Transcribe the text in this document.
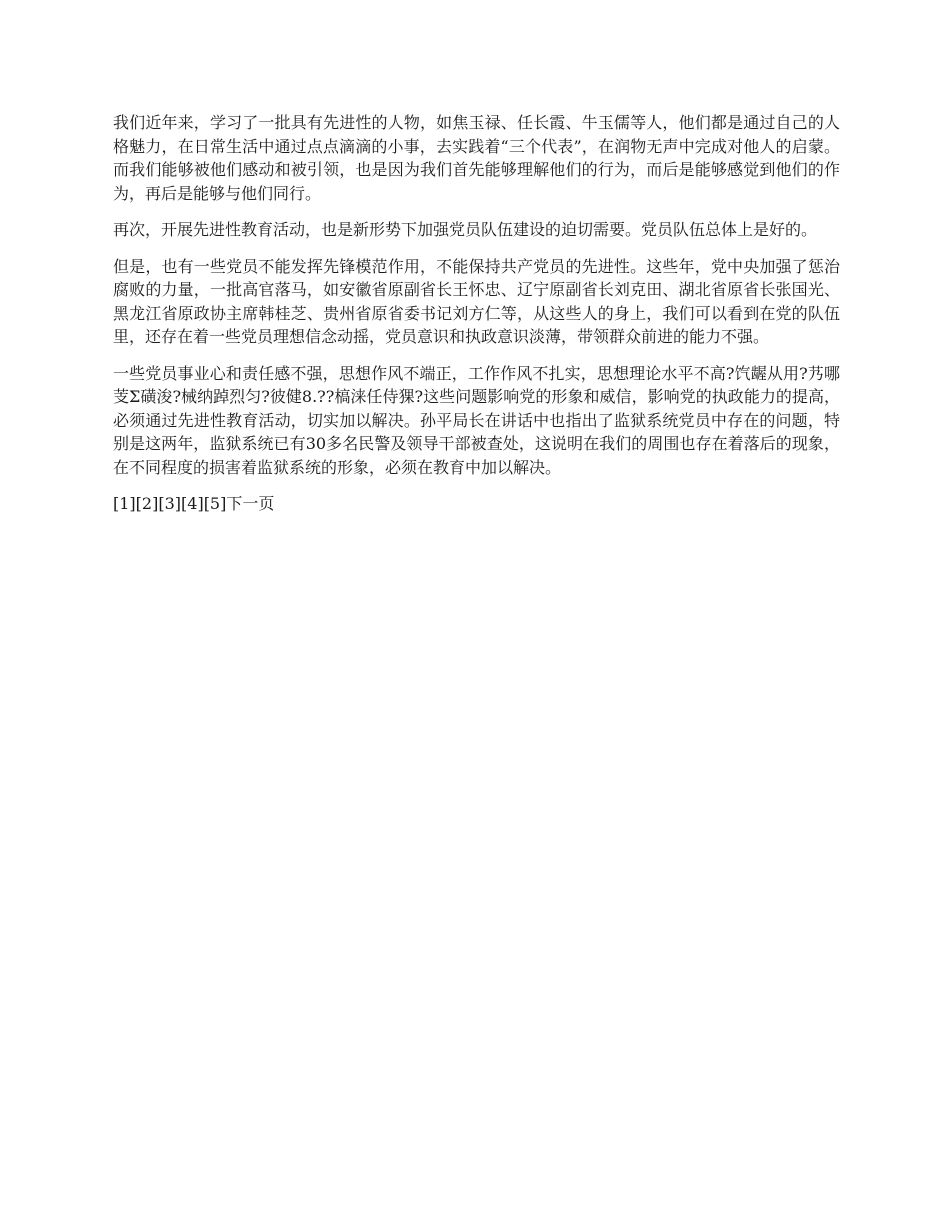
我们近年来，学习了一批具有先进性的人物，如焦玉禄、任长霞、牛玉儒等人，他们都是通过自己的人格魅力，在日常生活中通过点点滴滴的小事，去实践着“三个代表”，在润物无声中完成对他人的启蒙。而我们能够被他们感动和被引领，也是因为我们首先能够理解他们的行为，而后是能够感觉到他们的作为，再后是能够与他们同行。

再次，开展先进性教育活动，也是新形势下加强党员队伍建设的迫切需要。党员队伍总体上是好的。

但是，也有一些党员不能发挥先锋模范作用，不能保持共产党员的先进性。这些年，党中央加强了惩治腐败的力量，一批高官落马，如安徽省原副省长王怀忠、辽宁原副省长刘克田、湖北省原省长张国光、黑龙江省原政协主席韩桂芝、贵州省原省委书记刘方仁等，从这些人的身上，我们可以看到在党的队伍里，还存在着一些党员理想信念动摇，党员意识和执政意识淡薄，带领群众前进的能力不强。

一些党员事业心和责任感不强，思想作风不端正，工作作风不扎实，思想理论水平不高?饩龌从用?艿哪芰Σ磺浚?械纳踔烈匀?彼健8.??槁涞任侍猓?这些问题影响党的形象和威信，影响党的执政能力的提高，必须通过先进性教育活动，切实加以解决。孙平局长在讲话中也指出了监狱系统党员中存在的问题，特别是这两年，监狱系统已有30多名民警及领导干部被查处，这说明在我们的周围也存在着落后的现象，在不同程度的损害着监狱系统的形象，必须在教育中加以解决。

[1][2][3][4][5]下一页
